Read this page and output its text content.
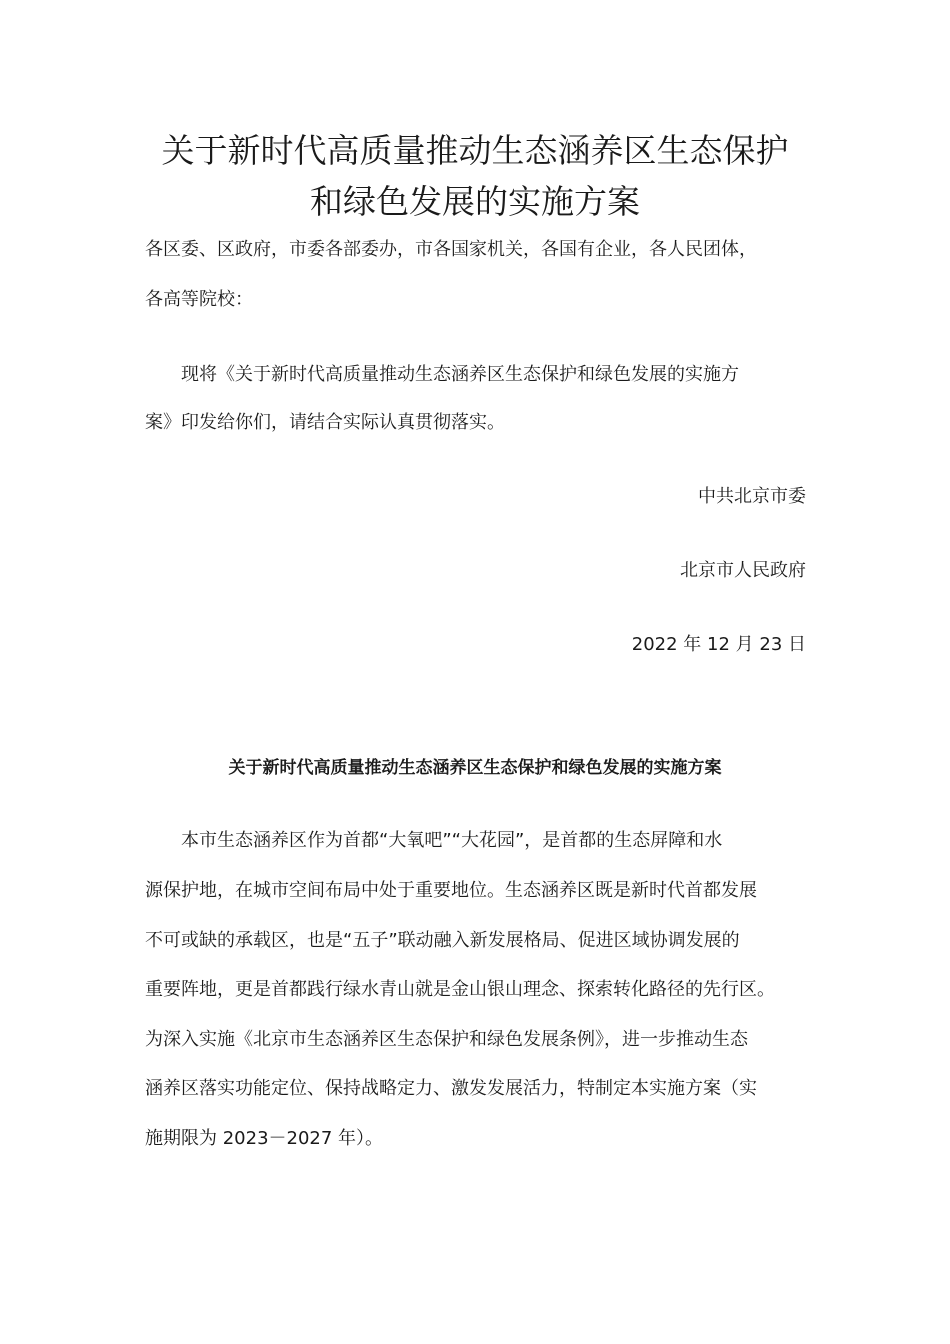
关于新时代高质量推动生态涵养区生态保护
和绿色发展的实施方案
各区委、区政府，市委各部委办，市各国家机关，各国有企业，各人民团体，
各高等院校：
现将《关于新时代高质量推动生态涵养区生态保护和绿色发展的实施方
案》印发给你们，请结合实际认真贯彻落实。
中共北京市委
北京市人民政府
2022 年 12 月 23 日
关于新时代高质量推动生态涵养区生态保护和绿色发展的实施方案
本市生态涵养区作为首都“大氧吧”“大花园”，是首都的生态屏障和水
源保护地，在城市空间布局中处于重要地位。生态涵养区既是新时代首都发展
不可或缺的承载区，也是“五子”联动融入新发展格局、促进区域协调发展的
重要阵地，更是首都践行绿水青山就是金山银山理念、探索转化路径的先行区。
为深入实施《北京市生态涵养区生态保护和绿色发展条例》，进一步推动生态
涵养区落实功能定位、保持战略定力、激发发展活力，特制定本实施方案（实
施期限为 2023－2027 年）。
